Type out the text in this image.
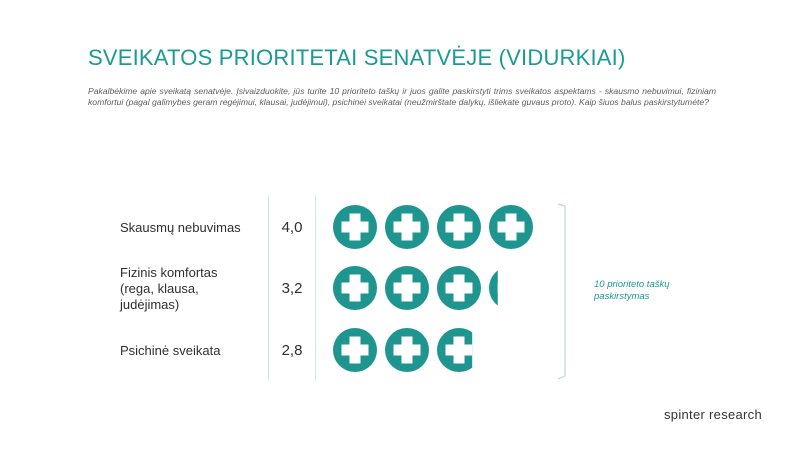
SVEIKATOS PRIORITETAI SENATVĖJE (VIDURKIAI)
Pakalbėkime apie sveikatą senatvėje. Įsivaizduokite, jūs turite 10 prioriteto taškų ir juos galite paskirstyti trims sveikatos aspektams - skausmo nebuvimui, fiziniam komfortui (pagal galimybes geram regėjimui, klausai, judėjimui), psichinei sveikatai (neužmirštate dalykų, išliekate guvaus proto). Kaip šiuos balus paskirstytumėte?
Skausmų nebuvimas
Fizinis komfortas
(rega, klausa,
judėjimas)
Psichinė sveikata
4,0
3,2
2,8
10 prioriteto taškų paskirstymas
spinter research
